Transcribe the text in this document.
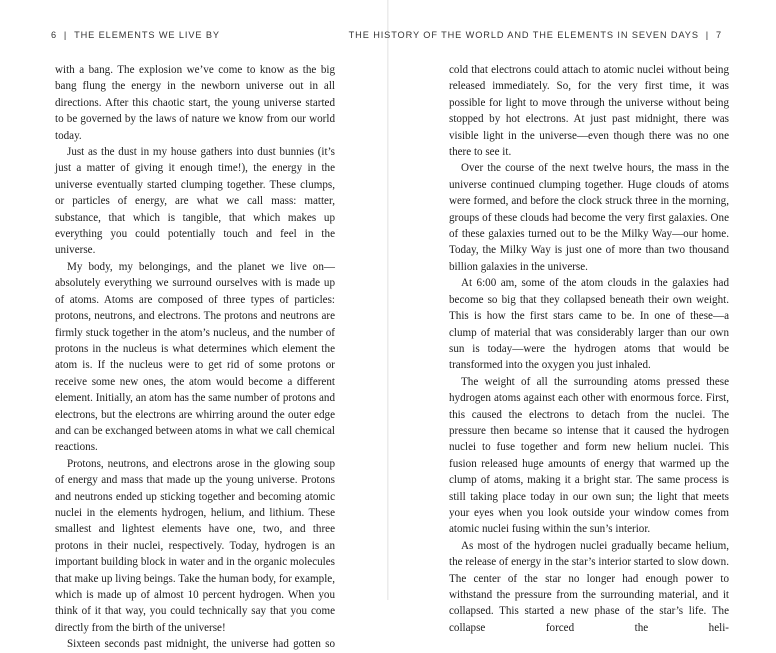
6 | THE ELEMENTS WE LIVE BY

with a bang. The explosion we’ve come to know as the big bang flung the energy in the newborn universe out in all directions. After this chaotic start, the young universe started to be governed by the laws of nature we know from our world today.

Just as the dust in my house gathers into dust bunnies (it’s just a matter of giving it enough time!), the energy in the universe eventually started clumping together. These clumps, or particles of energy, are what we call mass: matter, substance, that which is tangible, that which makes up everything you could potentially touch and feel in the universe.

My body, my belongings, and the planet we live on—absolutely everything we surround ourselves with is made up of atoms. Atoms are composed of three types of particles: protons, neutrons, and electrons. The protons and neutrons are firmly stuck together in the atom’s nucleus, and the number of protons in the nucleus is what determines which element the atom is. If the nucleus were to get rid of some protons or receive some new ones, the atom would become a different element. Initially, an atom has the same number of protons and electrons, but the electrons are whirring around the outer edge and can be exchanged between atoms in what we call chemical reactions.

Protons, neutrons, and electrons arose in the glowing soup of energy and mass that made up the young universe. Protons and neutrons ended up sticking together and becoming atomic nuclei in the elements hydrogen, helium, and lithium. These smallest and lightest elements have one, two, and three protons in their nuclei, respectively. Today, hydrogen is an important building block in water and in the organic molecules that make up living beings. Take the human body, for example, which is made up of almost 10 percent hydrogen. When you think of it that way, you could technically say that you come directly from the birth of the universe!

Sixteen seconds past midnight, the universe had gotten so

THE HISTORY OF THE WORLD AND THE ELEMENTS IN SEVEN DAYS | 7

cold that electrons could attach to atomic nuclei without being released immediately. So, for the very first time, it was possible for light to move through the universe without being stopped by hot electrons. At just past midnight, there was visible light in the universe—even though there was no one there to see it.

Over the course of the next twelve hours, the mass in the universe continued clumping together. Huge clouds of atoms were formed, and before the clock struck three in the morning, groups of these clouds had become the very first galaxies. One of these galaxies turned out to be the Milky Way—our home. Today, the Milky Way is just one of more than two thousand billion galaxies in the universe.

At 6:00 am, some of the atom clouds in the galaxies had become so big that they collapsed beneath their own weight. This is how the first stars came to be. In one of these—a clump of material that was considerably larger than our own sun is today—were the hydrogen atoms that would be transformed into the oxygen you just inhaled.

The weight of all the surrounding atoms pressed these hydrogen atoms against each other with enormous force. First, this caused the electrons to detach from the nuclei. The pressure then became so intense that it caused the hydrogen nuclei to fuse together and form new helium nuclei. This fusion released huge amounts of energy that warmed up the clump of atoms, making it a bright star. The same process is still taking place today in our own sun; the light that meets your eyes when you look outside your window comes from atomic nuclei fusing within the sun’s interior.

As most of the hydrogen nuclei gradually became helium, the release of energy in the star’s interior started to slow down. The center of the star no longer had enough power to withstand the pressure from the surrounding material, and it collapsed. This started a new phase of the star’s life. The collapse forced the heli-
